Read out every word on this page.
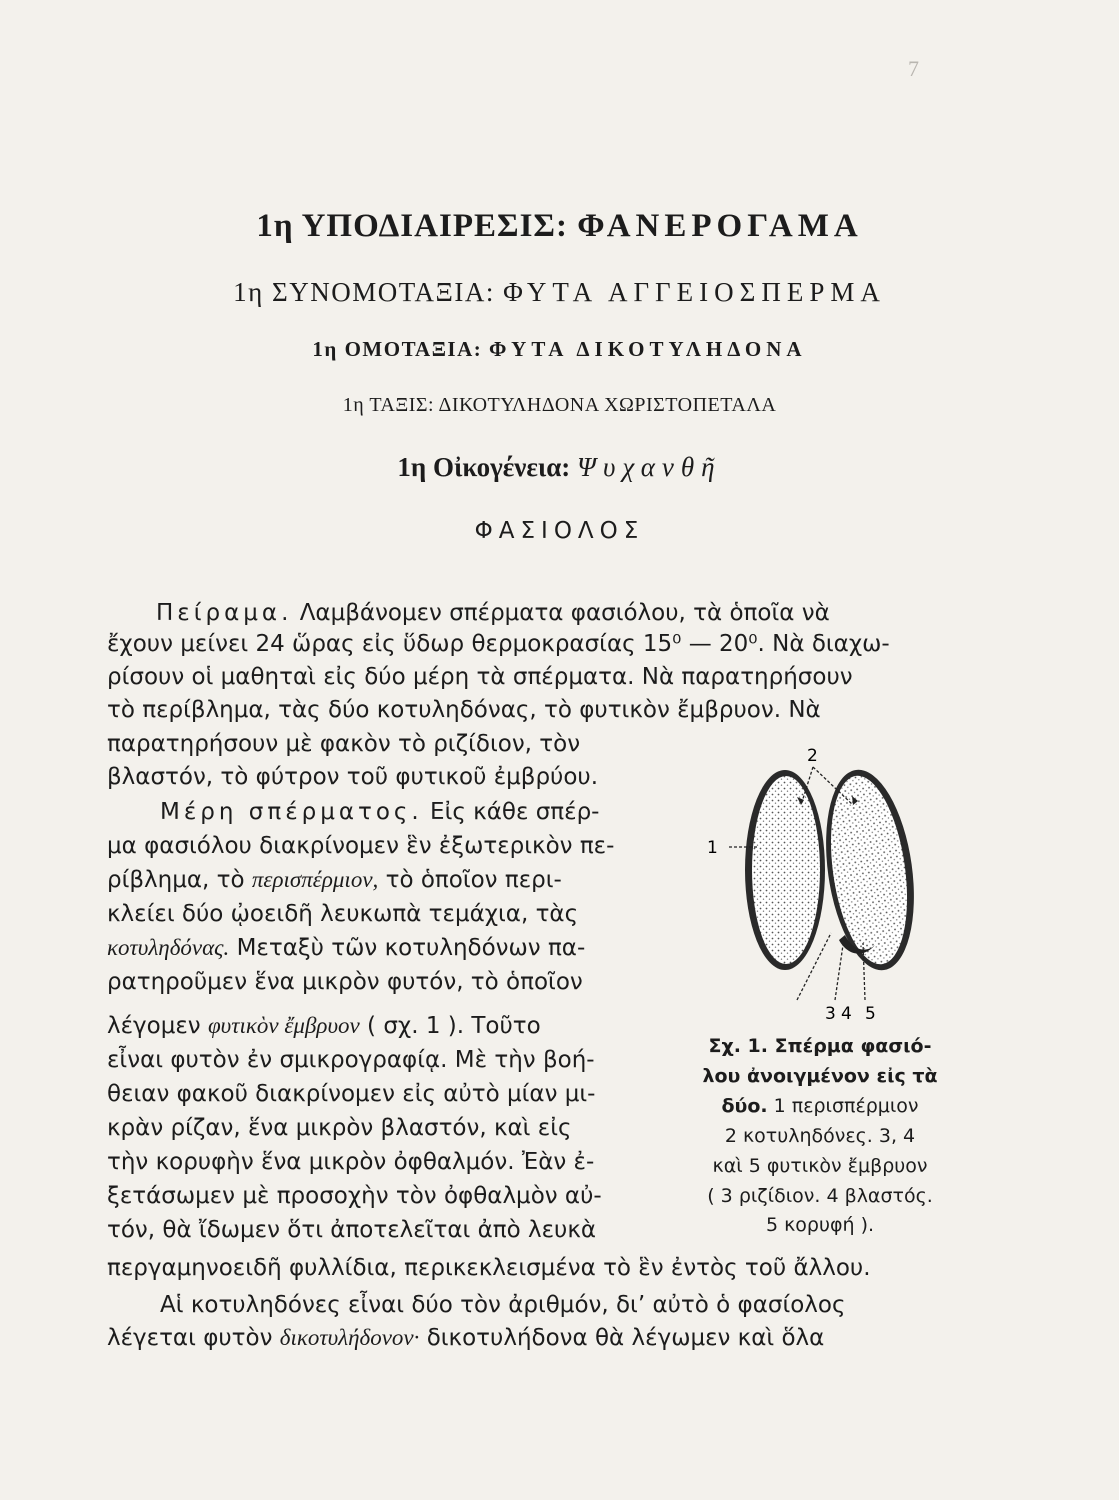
7
1η ΥΠΟΔΙΑΙΡΕΣΙΣ: ΦΑΝΕΡΟΓΑΜΑ
1η ΣΥΝΟΜΟΤΑΞΙΑ: ΦΥΤΑ ΑΓΓΕΙΟΣΠΕΡΜΑ
1η ΟΜΟΤΑΞΙΑ: ΦΥΤΑ ΔΙΚΟΤΥΛΗΔΟΝΑ
1η ΤΑΞΙΣ: ΔΙΚΟΤΥΛΗΔΟΝΑ ΧΩΡΙΣΤΟΠΕΤΑΛΑ
1η Οἰκογένεια: Ψυχανθῆ
ΦΑΣΙΟΛΟΣ
Πείραμα. Λαμβάνομεν σπέρματα φασιόλου, τὰ ὁποῖα νὰ
ἔχουν μείνει 24 ὥρας εἰς ὕδωρ θερμοκρασίας 15⁰ — 20⁰. Νὰ διαχω-
ρίσουν οἱ μαθηταὶ εἰς δύο μέρη τὰ σπέρματα. Νὰ παρατηρήσουν
τὸ περίβλημα, τὰς δύο κοτυληδόνας, τὸ φυτικὸν ἔμβρυον. Νὰ
παρατηρήσουν μὲ φακὸν τὸ ριζίδιον, τὸν
βλαστόν, τὸ φύτρον τοῦ φυτικοῦ ἐμβρύου.
Μέρη σπέρματος. Εἰς κάθε σπέρ-
μα φασιόλου διακρίνομεν ἓν ἐξωτερικὸν πε-
ρίβλημα, τὸ περισπέρμιον, τὸ ὁποῖον περι-
κλείει δύο ᾠοειδῆ λευκωπὰ τεμάχια, τὰς
κοτυληδόνας. Μεταξὺ τῶν κοτυληδόνων πα-
ρατηροῦμεν ἕνα μικρὸν φυτόν, τὸ ὁποῖον
λέγομεν φυτικὸν ἔμβρυον ( σχ. 1 ). Τοῦτο
εἶναι φυτὸν ἐν σμικρογραφίᾳ. Μὲ τὴν βοή-
θειαν φακοῦ διακρίνομεν εἰς αὐτὸ μίαν μι-
κρὰν ρίζαν, ἕνα μικρὸν βλαστόν, καὶ εἰς
τὴν κορυφὴν ἕνα μικρὸν ὀφθαλμόν. Ἐὰν ἐ-
ξετάσωμεν μὲ προσοχὴν τὸν ὀφθαλμὸν αὐ-
τόν, θὰ ἴδωμεν ὅτι ἀποτελεῖται ἀπὸ λευκὰ
περγαμηνοειδῆ φυλλίδια, περικεκλεισμένα τὸ ἓν ἐντὸς τοῦ ἄλλου.
Αἱ κοτυληδόνες εἶναι δύο τὸν ἀριθμόν, δι’ αὐτὸ ὁ φασίολος
λέγεται φυτὸν δικοτυλήδονον· δικοτυλήδονα θὰ λέγωμεν καὶ ὅλα
2
1
3 4 5
Σχ. 1. Σπέρμα φασιό-
λου ἀνοιγμένον εἰς τὰ
δύο. 1 περισπέρμιον
2 κοτυληδόνες. 3, 4
καὶ 5 φυτικὸν ἔμβρυον
( 3 ριζίδιον. 4 βλαστός.
5 κορυφή ).
